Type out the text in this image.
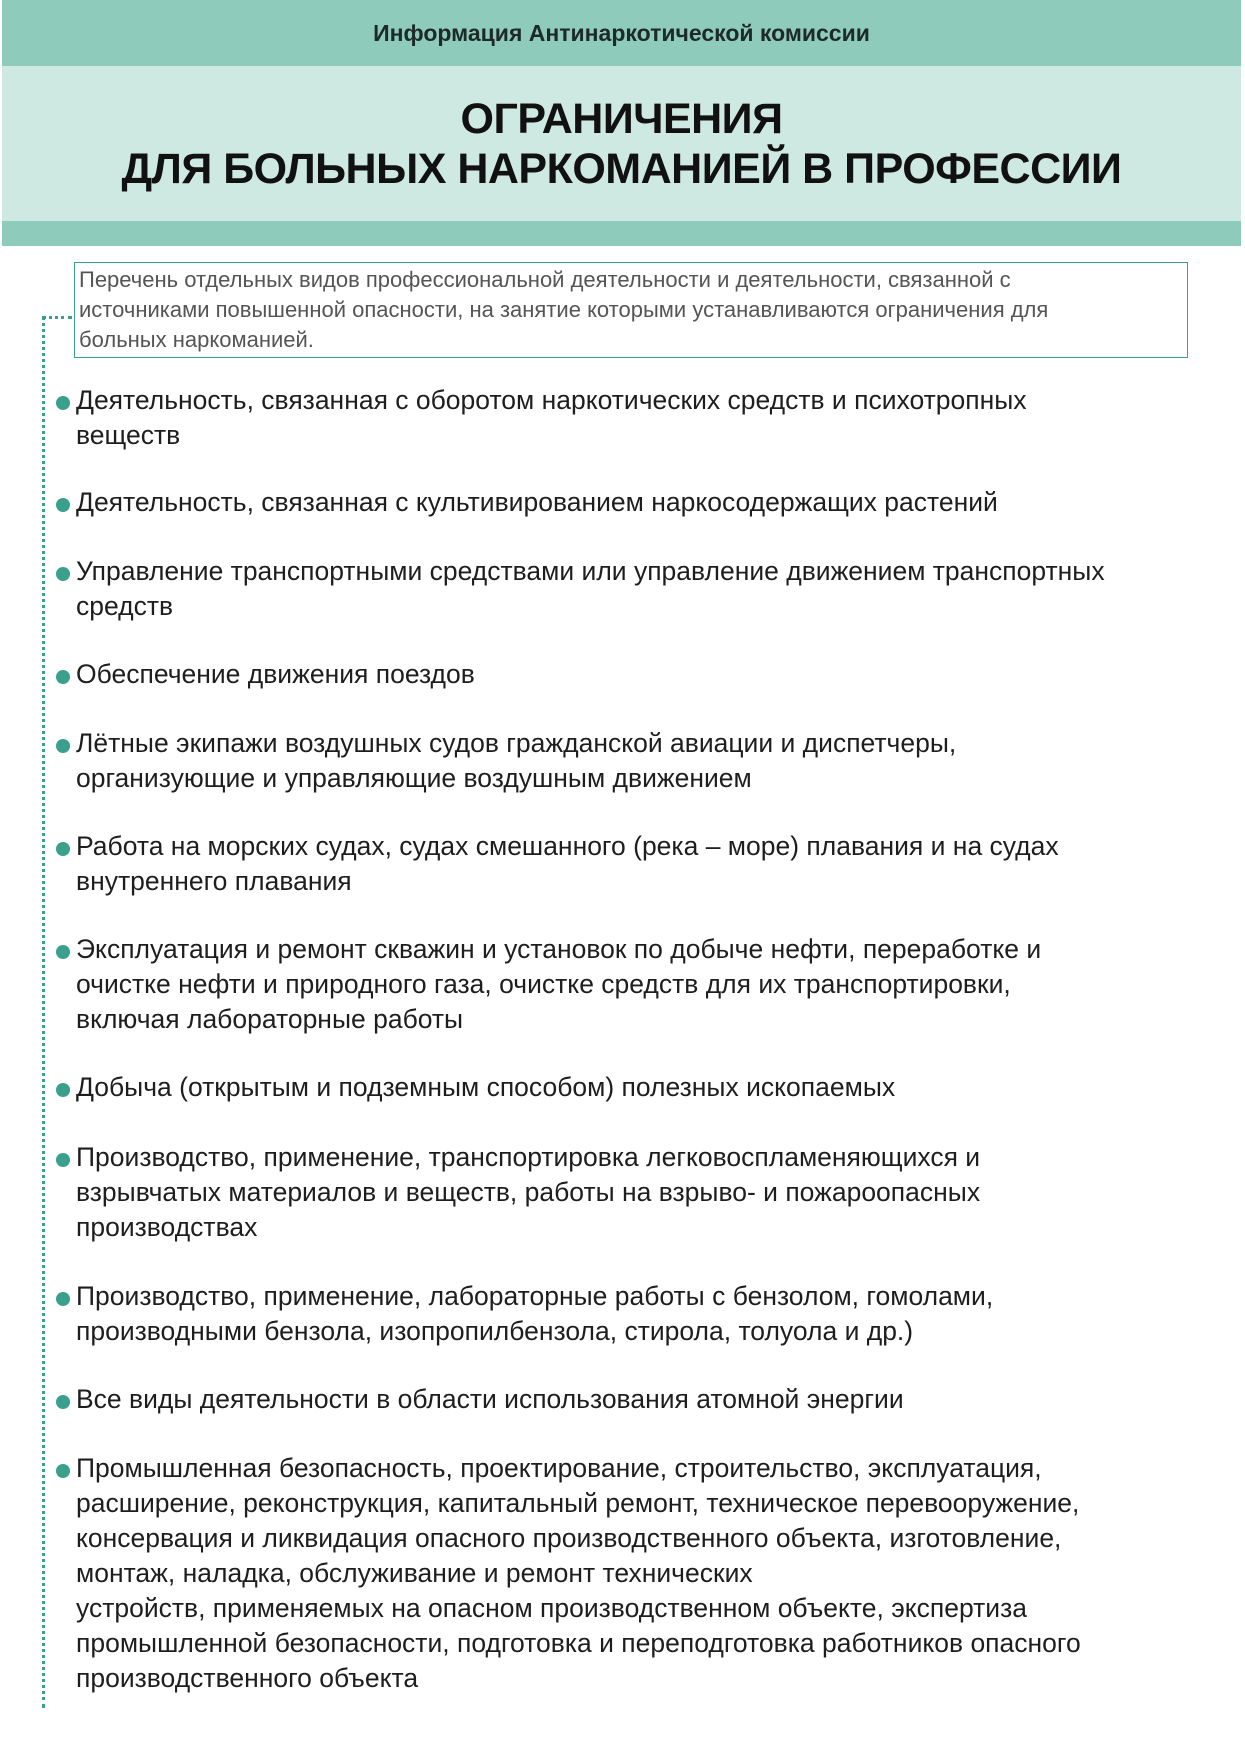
Информация Антинаркотической комиссии
ОГРАНИЧЕНИЯ
ДЛЯ БОЛЬНЫХ НАРКОМАНИЕЙ В ПРОФЕССИИ
Перечень отдельных видов профессиональной деятельности и деятельности, связанной с
источниками повышенной опасности, на занятие которыми устанавливаются ограничения для
больных наркоманией.
Деятельность, связанная с оборотом наркотических средств и психотропных
веществ
Деятельность, связанная с культивированием наркосодержащих растений
Управление транспортными средствами или управление движением транспортных
средств
Обеспечение движения поездов
Лётные экипажи воздушных судов гражданской авиации и диспетчеры,
организующие и управляющие воздушным движением
Работа на морских судах, судах смешанного (река – море) плавания и на судах
внутреннего плавания
Эксплуатация и ремонт скважин и установок по добыче нефти, переработке и
очистке нефти и природного газа, очистке средств для их транспортировки,
включая лабораторные работы
Добыча (открытым и подземным способом) полезных ископаемых
Производство, применение, транспортировка легковоспламеняющихся и
взрывчатых материалов и веществ, работы на взрыво- и пожароопасных
производствах
Производство, применение, лабораторные работы с бензолом, гомолами,
производными бензола, изопропилбензола, стирола, толуола и др.)
Все виды деятельности в области использования атомной энергии
Промышленная безопасность, проектирование, строительство, эксплуатация,
расширение, реконструкция, капитальный ремонт, техническое перевооружение,
консервация и ликвидация опасного производственного объекта, изготовление,
монтаж, наладка, обслуживание и ремонт технических
устройств, применяемых на опасном производственном объекте, экспертиза
промышленной безопасности, подготовка и переподготовка работников опасного
производственного объекта
